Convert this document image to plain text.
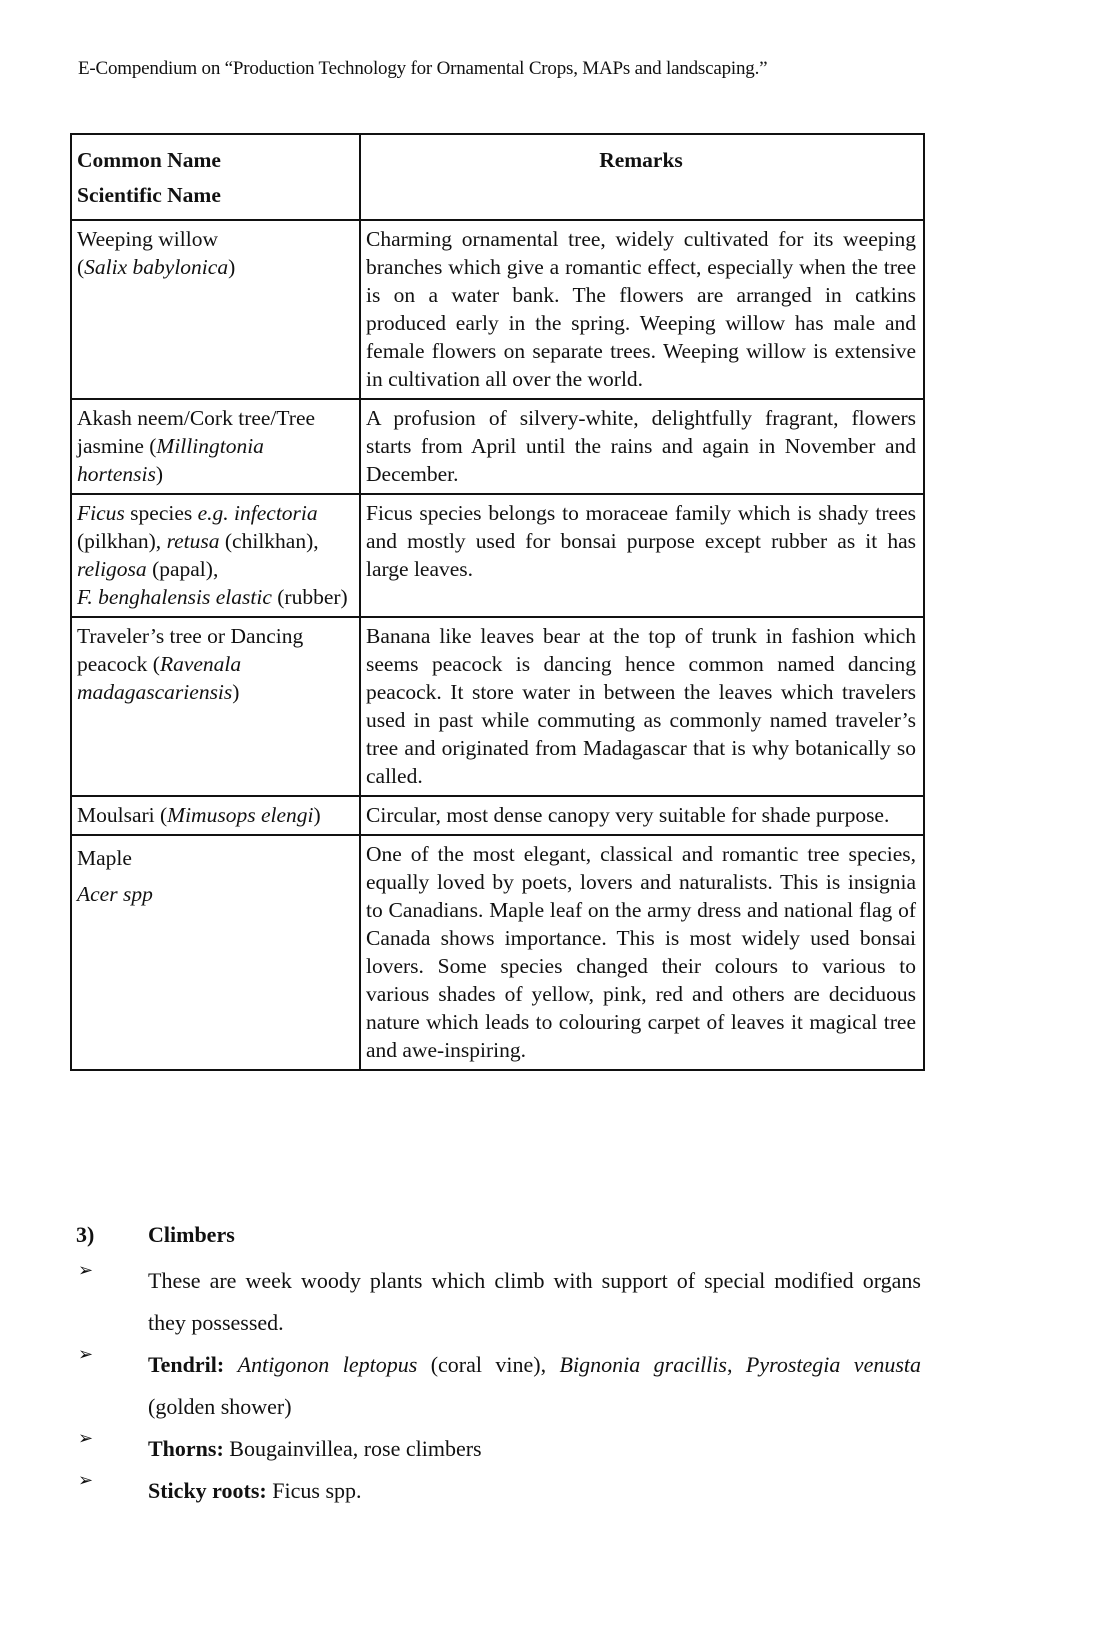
E-Compendium on “Production Technology for Ornamental Crops, MAPs and landscaping.”
Common Name
Scientific Name	Remarks

Weeping willow
(Salix babylonica)	Charming ornamental tree, widely cultivated for its weeping branches which give a romantic effect, especially when the tree is on a water bank. The flowers are arranged in catkins produced early in the spring. Weeping willow has male and female flowers on separate trees. Weeping willow is extensive in cultivation all over the world.
Akash neem/Cork tree/Tree jasmine (Millingtonia hortensis)	A profusion of silvery-white, delightfully fragrant, flowers starts from April until the rains and again in November and December.
Ficus species e.g. infectoria (pilkhan), retusa (chilkhan),
religosa (papal),
F. benghalensis elastic (rubber)	Ficus species belongs to moraceae family which is shady trees and mostly used for bonsai purpose except rubber as it has large leaves.
Traveler’s tree or Dancing peacock (Ravenala madagascariensis)	Banana like leaves bear at the top of trunk in fashion which seems peacock is dancing hence common named dancing peacock. It store water in between the leaves which travelers used in past while commuting as commonly named traveler’s tree and originated from Madagascar that is why botanically so called.
Moulsari (Mimusops elengi)	Circular, most dense canopy very suitable for shade purpose.

Maple
Acer spp	One of the most elegant, classical and romantic tree species, equally loved by poets, lovers and naturalists. This is insignia to Canadians. Maple leaf on the army dress and national flag of Canada shows importance. This is most widely used bonsai lovers. Some species changed their colours to various to various shades of yellow, pink, red and others are deciduous nature which leads to colouring carpet of leaves it magical tree and awe-inspiring.
3) Climbers
➢ These are week woody plants which climb with support of special modified organs they possessed.
➢ Tendril: Antigonon leptopus (coral vine), Bignonia gracillis, Pyrostegia venusta (golden shower)
➢ Thorns: Bougainvillea, rose climbers
➢ Sticky roots: Ficus spp.
